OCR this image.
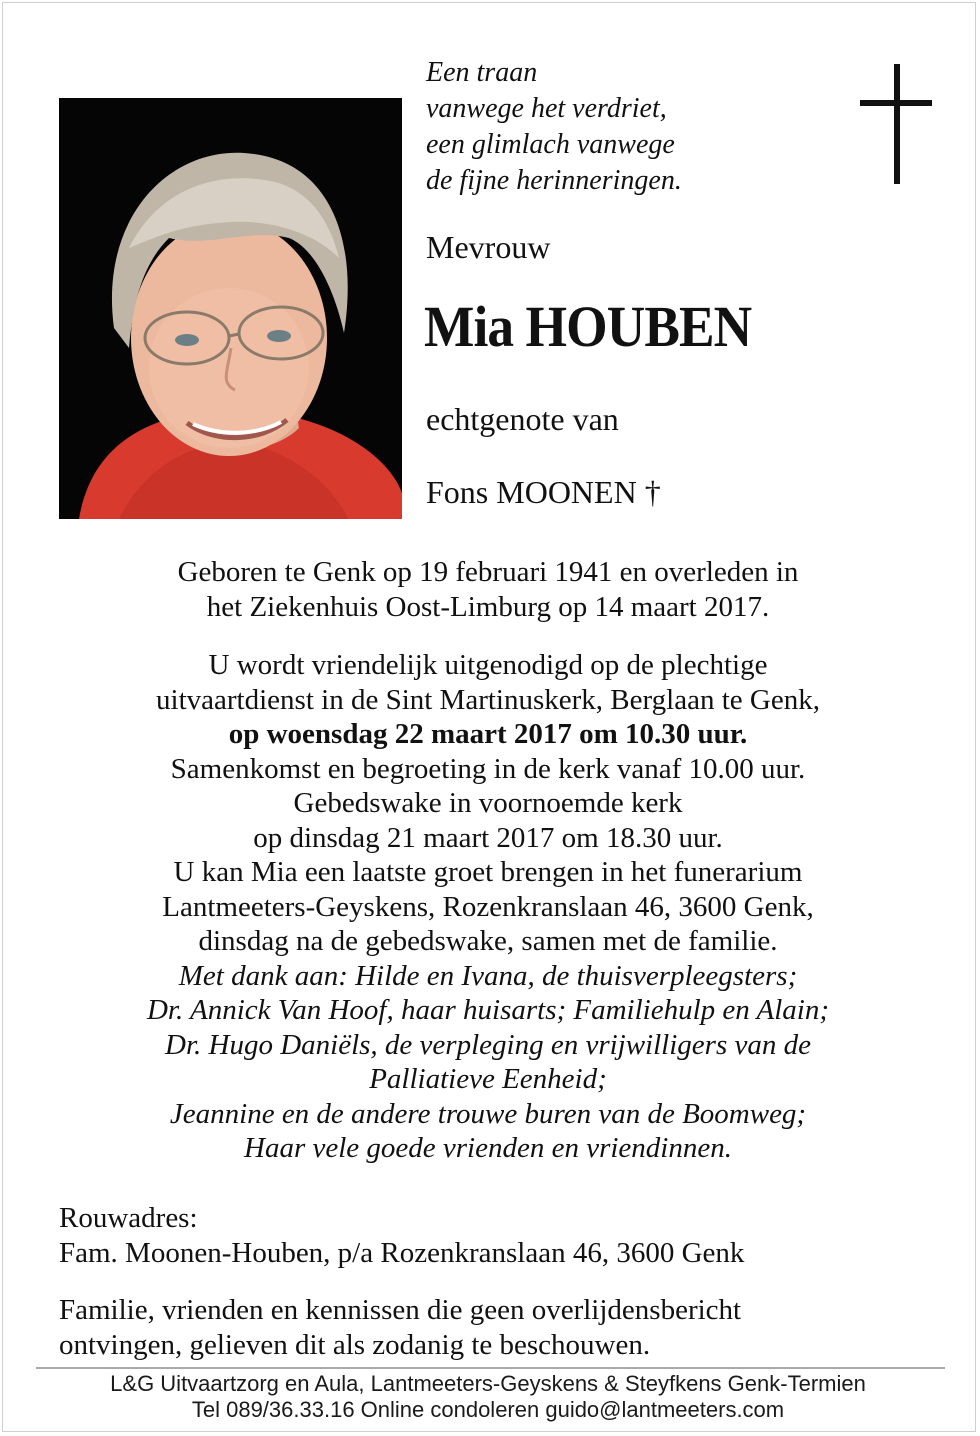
Een traan
vanwege het verdriet,
een glimlach vanwege
de fijne herinneringen.
Mevrouw
Mia HOUBEN
echtgenote van
Fons MOONEN †
Geboren te Genk op 19 februari 1941 en overleden in
het Ziekenhuis Oost-Limburg op 14 maart 2017.
U wordt vriendelijk uitgenodigd op de plechtige
uitvaartdienst in de Sint Martinuskerk, Berglaan te Genk,
op woensdag 22 maart 2017 om 10.30 uur.
Samenkomst en begroeting in de kerk vanaf 10.00 uur.
Gebedswake in voornoemde kerk
op dinsdag 21 maart 2017 om 18.30 uur.
U kan Mia een laatste groet brengen in het funerarium
Lantmeeters-Geyskens, Rozenkranslaan 46, 3600 Genk,
dinsdag na de gebedswake, samen met de familie.
Met dank aan: Hilde en Ivana, de thuisverpleegsters;
Dr. Annick Van Hoof, haar huisarts; Familiehulp en Alain;
Dr. Hugo Daniëls, de verpleging en vrijwilligers van de
Palliatieve Eenheid;
Jeannine en de andere trouwe buren van de Boomweg;
Haar vele goede vrienden en vriendinnen.
Rouwadres:
Fam. Moonen-Houben, p/a Rozenkranslaan 46, 3600 Genk
Familie, vrienden en kennissen die geen overlijdensbericht
ontvingen, gelieven dit als zodanig te beschouwen.
L&G Uitvaartzorg en Aula, Lantmeeters-Geyskens & Steyfkens Genk-Termien
Tel 089/36.33.16 Online condoleren guido@lantmeeters.com
